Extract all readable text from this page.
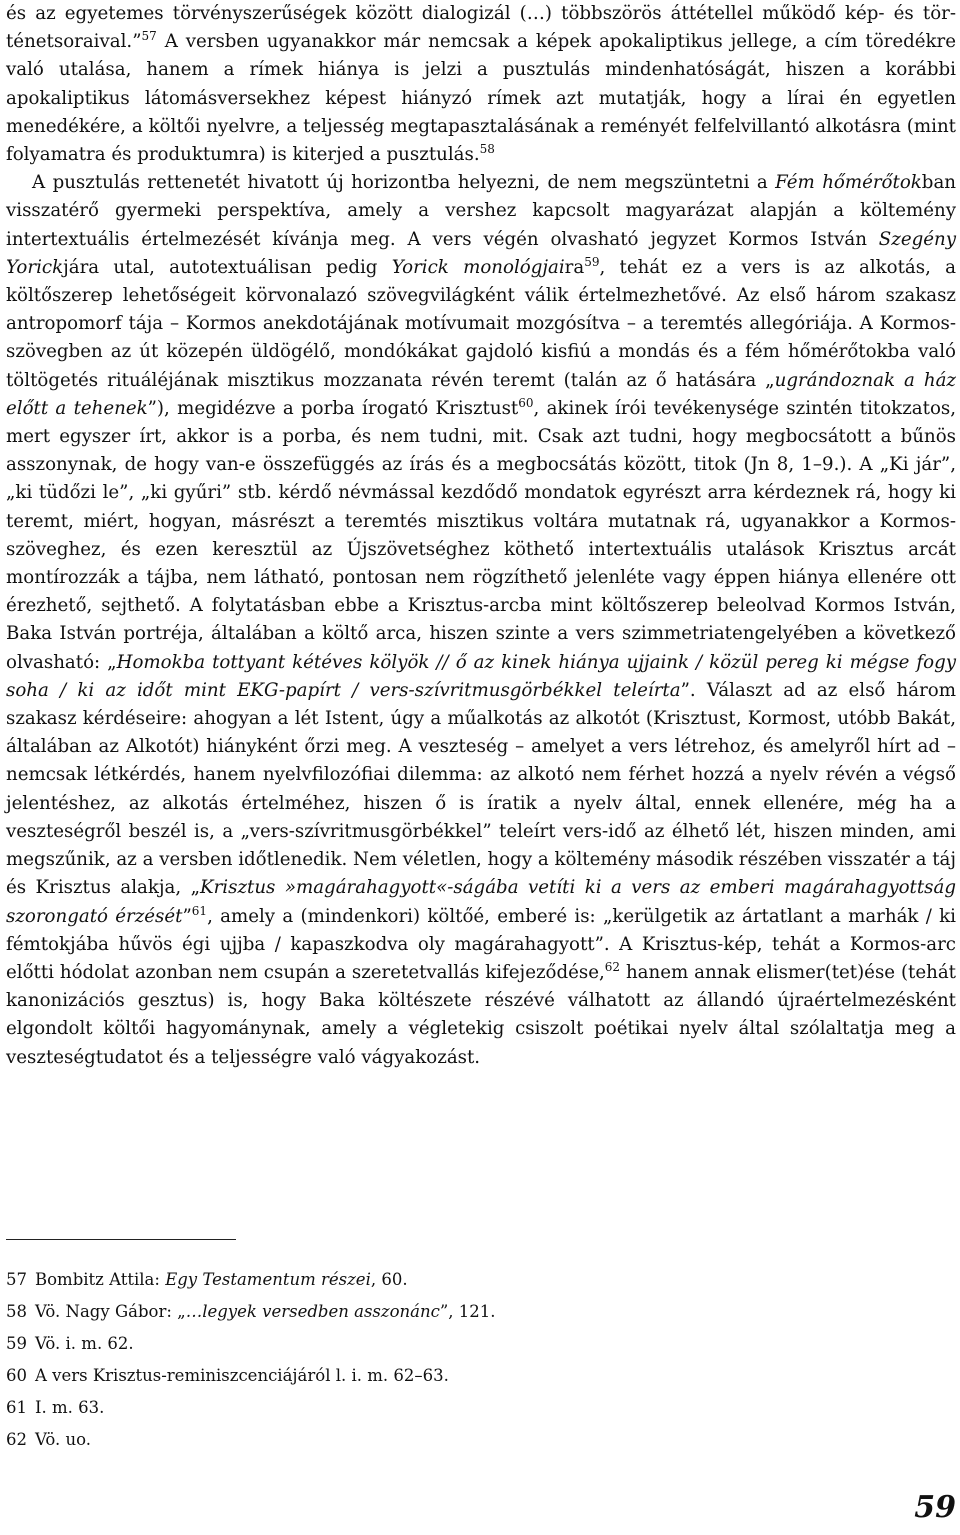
és az egyetemes törvényszerűségek között dialogizál (…) többszörös áttétellel működő kép- és történetsoraival.”$^{57}$ A versben ugyanakkor már nemcsak a képek apokaliptikus jellege, a cím töredékre való utalása, hanem a rímek hiánya is jelzi a pusztulás mindenhatóságát, hiszen a korábbi apokaliptikus látomásversekhez képest hiányzó rímek azt mutatják, hogy a lírai én egyetlen menedékére, a költői nyelvre, a teljesség megtapasztalásának a reményét felfelvillantó alkotásra (mint folyamatra és produktumra) is kiterjed a pusztulás.$^{58}$

A pusztulás rettenetét hivatott új horizontba helyezni, de nem megszüntetni a Fém hőmérőtokban visszatérő gyermeki perspektíva, amely a vershez kapcsolt magyarázat alapján a költemény intertextuális értelmezését kívánja meg. A vers végén olvasható jegyzet Kormos István Szegény Yorickjára utal, autotextuálisan pedig Yorick monológjaira$^{59}$, tehát ez a vers is az alkotás, a költőszerep lehetőségeit körvonalazó szövegvilágként válik értelmezhetővé. Az első három szakasz antropomorf tája – Kormos anekdotájának motívumait mozgósítva – a teremtés allegóriája. A Kormos-szövegben az út közepén üldögélő, mondókákat gajdoló kisfiú a mondás és a fém hőmérőtokba való töltögetés rituáléjának misztikus mozzanata révén teremt (talán az ő hatására „ugrándoznak a ház előtt a tehenek”), megidézve a porba írogató Krisztust$^{60}$, akinek írói tevékenysége szintén titokzatos, mert egyszer írt, akkor is a porba, és nem tudni, mit. Csak azt tudni, hogy megbocsátott a bűnös asszonynak, de hogy van-e összefüggés az írás és a megbocsátás között, titok (Jn 8, 1–9.). A „Ki jár”, „ki tüdőzi le”, „ki gyűri” stb. kérdő névmással kezdődő mondatok egyrészt arra kérdeznek rá, hogy ki teremt, miért, hogyan, másrészt a teremtés misztikus voltára mutatnak rá, ugyanakkor a Kormos-szöveghez, és ezen keresztül az Újszövetséghez köthető intertextuális utalások Krisztus arcát montírozzák a tájba, nem látható, pontosan nem rögzíthető jelenléte vagy éppen hiánya ellenére ott érezhető, sejthető. A folytatásban ebbe a Krisztus-arcba mint költőszerep beleolvad Kormos István, Baka István portréja, általában a költő arca, hiszen szinte a vers szimmetriatengelyében a következő olvasható: „Homokba tottyant kétéves kölyök // ő az kinek hiánya ujjaink / közül pereg ki mégse fogy soha / ki az időt mint EKG-papírt / vers-szívritmusgörbékkel teleírta”. Választ ad az első három szakasz kérdéseire: ahogyan a lét Istent, úgy a műalkotás az alkotót (Krisztust, Kormost, utóbb Bakát, általában az Alkotót) hiányként őrzi meg. A veszteség – amelyet a vers létrehoz, és amelyről hírt ad – nemcsak létkérdés, hanem nyelvfilozófiai dilemma: az alkotó nem férhet hozzá a nyelv révén a végső jelentéshez, az alkotás értelméhez, hiszen ő is íratik a nyelv által, ennek ellenére, még ha a veszteségről beszél is, a „vers-szívritmusgörbékkel” teleírt vers-idő az élhető lét, hiszen minden, ami megszűnik, az a versben időtlenedik. Nem véletlen, hogy a költemény második részében visszatér a táj és Krisztus alakja, „Krisztus »magárahagyott«-ságába vetíti ki a vers az emberi magárahagyottság szorongató érzését”$^{61}$, amely a (mindenkori) költőé, emberé is: „kerülgetik az ártatlant a marhák / ki fémtokjába hűvös égi ujjba / kapaszkodva oly magárahagyott”. A Krisztus-kép, tehát a Kormos-arc előtti hódolat azonban nem csupán a szeretetvallás kifejeződése,$^{62}$ hanem annak elismer(tet)ése (tehát kanonizációs gesztus) is, hogy Baka költészete részévé válhatott az állandó újraértelmezésként elgondolt költői hagyománynak, amely a végletekig csiszolt poétikai nyelv által szólaltatja meg a veszteségtudatot és a teljességre való vágyakozást.

57 Bombitz Attila: Egy Testamentum részei, 60.
58 Vö. Nagy Gábor: „…legyek versedben asszonánc”, 121.
59 Vö. i. m. 62.
60 A vers Krisztus-reminiszcenciájáról l. i. m. 62–63.
61 I. m. 63.
62 Vö. uo.
59
